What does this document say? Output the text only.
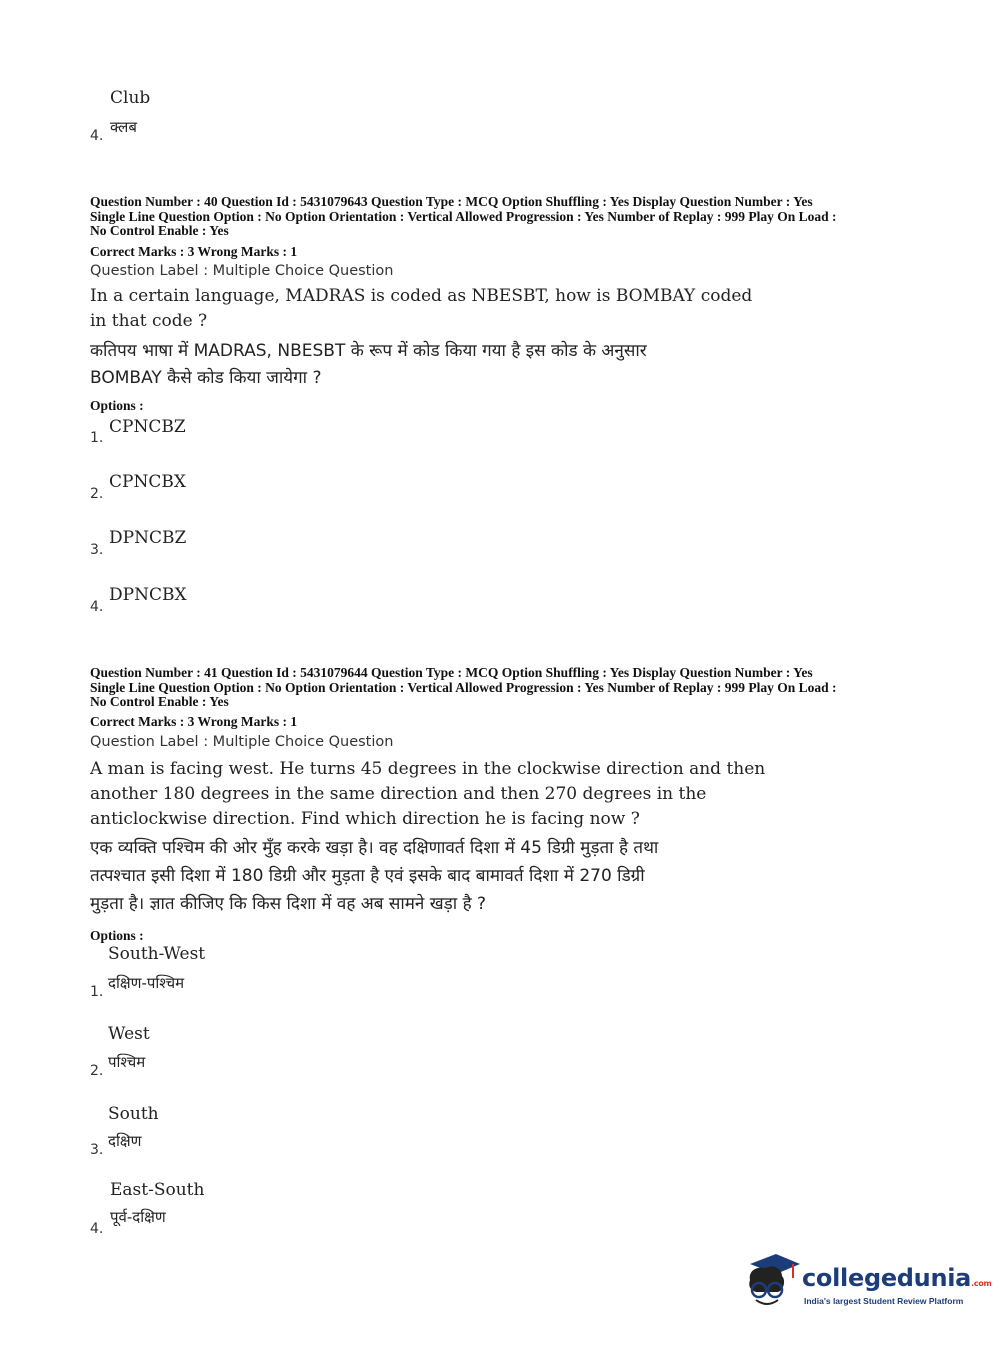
Club
4. क्लब
Question Number : 40 Question Id : 5431079643 Question Type : MCQ Option Shuffling : Yes Display Question Number : Yes
Single Line Question Option : No Option Orientation : Vertical Allowed Progression : Yes Number of Replay : 999 Play On Load :
No Control Enable : Yes
Correct Marks : 3 Wrong Marks : 1
Question Label : Multiple Choice Question
In a certain language, MADRAS is coded as NBESBT, how is BOMBAY coded
in that code ?
कतिपय भाषा में MADRAS, NBESBT के रूप में कोड किया गया है इस कोड के अनुसार
BOMBAY कैसे कोड किया जायेगा ?
Options :
1.
CPNCBZ
2.
CPNCBX
3.
DPNCBZ
4.
DPNCBX
Question Number : 41 Question Id : 5431079644 Question Type : MCQ Option Shuffling : Yes Display Question Number : Yes
Single Line Question Option : No Option Orientation : Vertical Allowed Progression : Yes Number of Replay : 999 Play On Load :
No Control Enable : Yes
Correct Marks : 3 Wrong Marks : 1
Question Label : Multiple Choice Question
A man is facing west. He turns 45 degrees in the clockwise direction and then
another 180 degrees in the same direction and then 270 degrees in the
anticlockwise direction. Find which direction he is facing now ?
एक व्यक्ति पश्चिम की ओर मुँह करके खड़ा है। वह दक्षिणावर्त दिशा में 45 डिग्री मुड़ता है तथा
तत्पश्चात इसी दिशा में 180 डिग्री और मुड़ता है एवं इसके बाद बामावर्त दिशा में 270 डिग्री
मुड़ता है। ज्ञात कीजिए कि किस दिशा में वह अब सामने खड़ा है ?
Options :
South-West
1. दक्षिण-पश्चिम
West
2. पश्चिम
South
3. दक्षिण
East-South
4.
पूर्व-दक्षिण
collegedunia.com
India's largest Student Review Platform
